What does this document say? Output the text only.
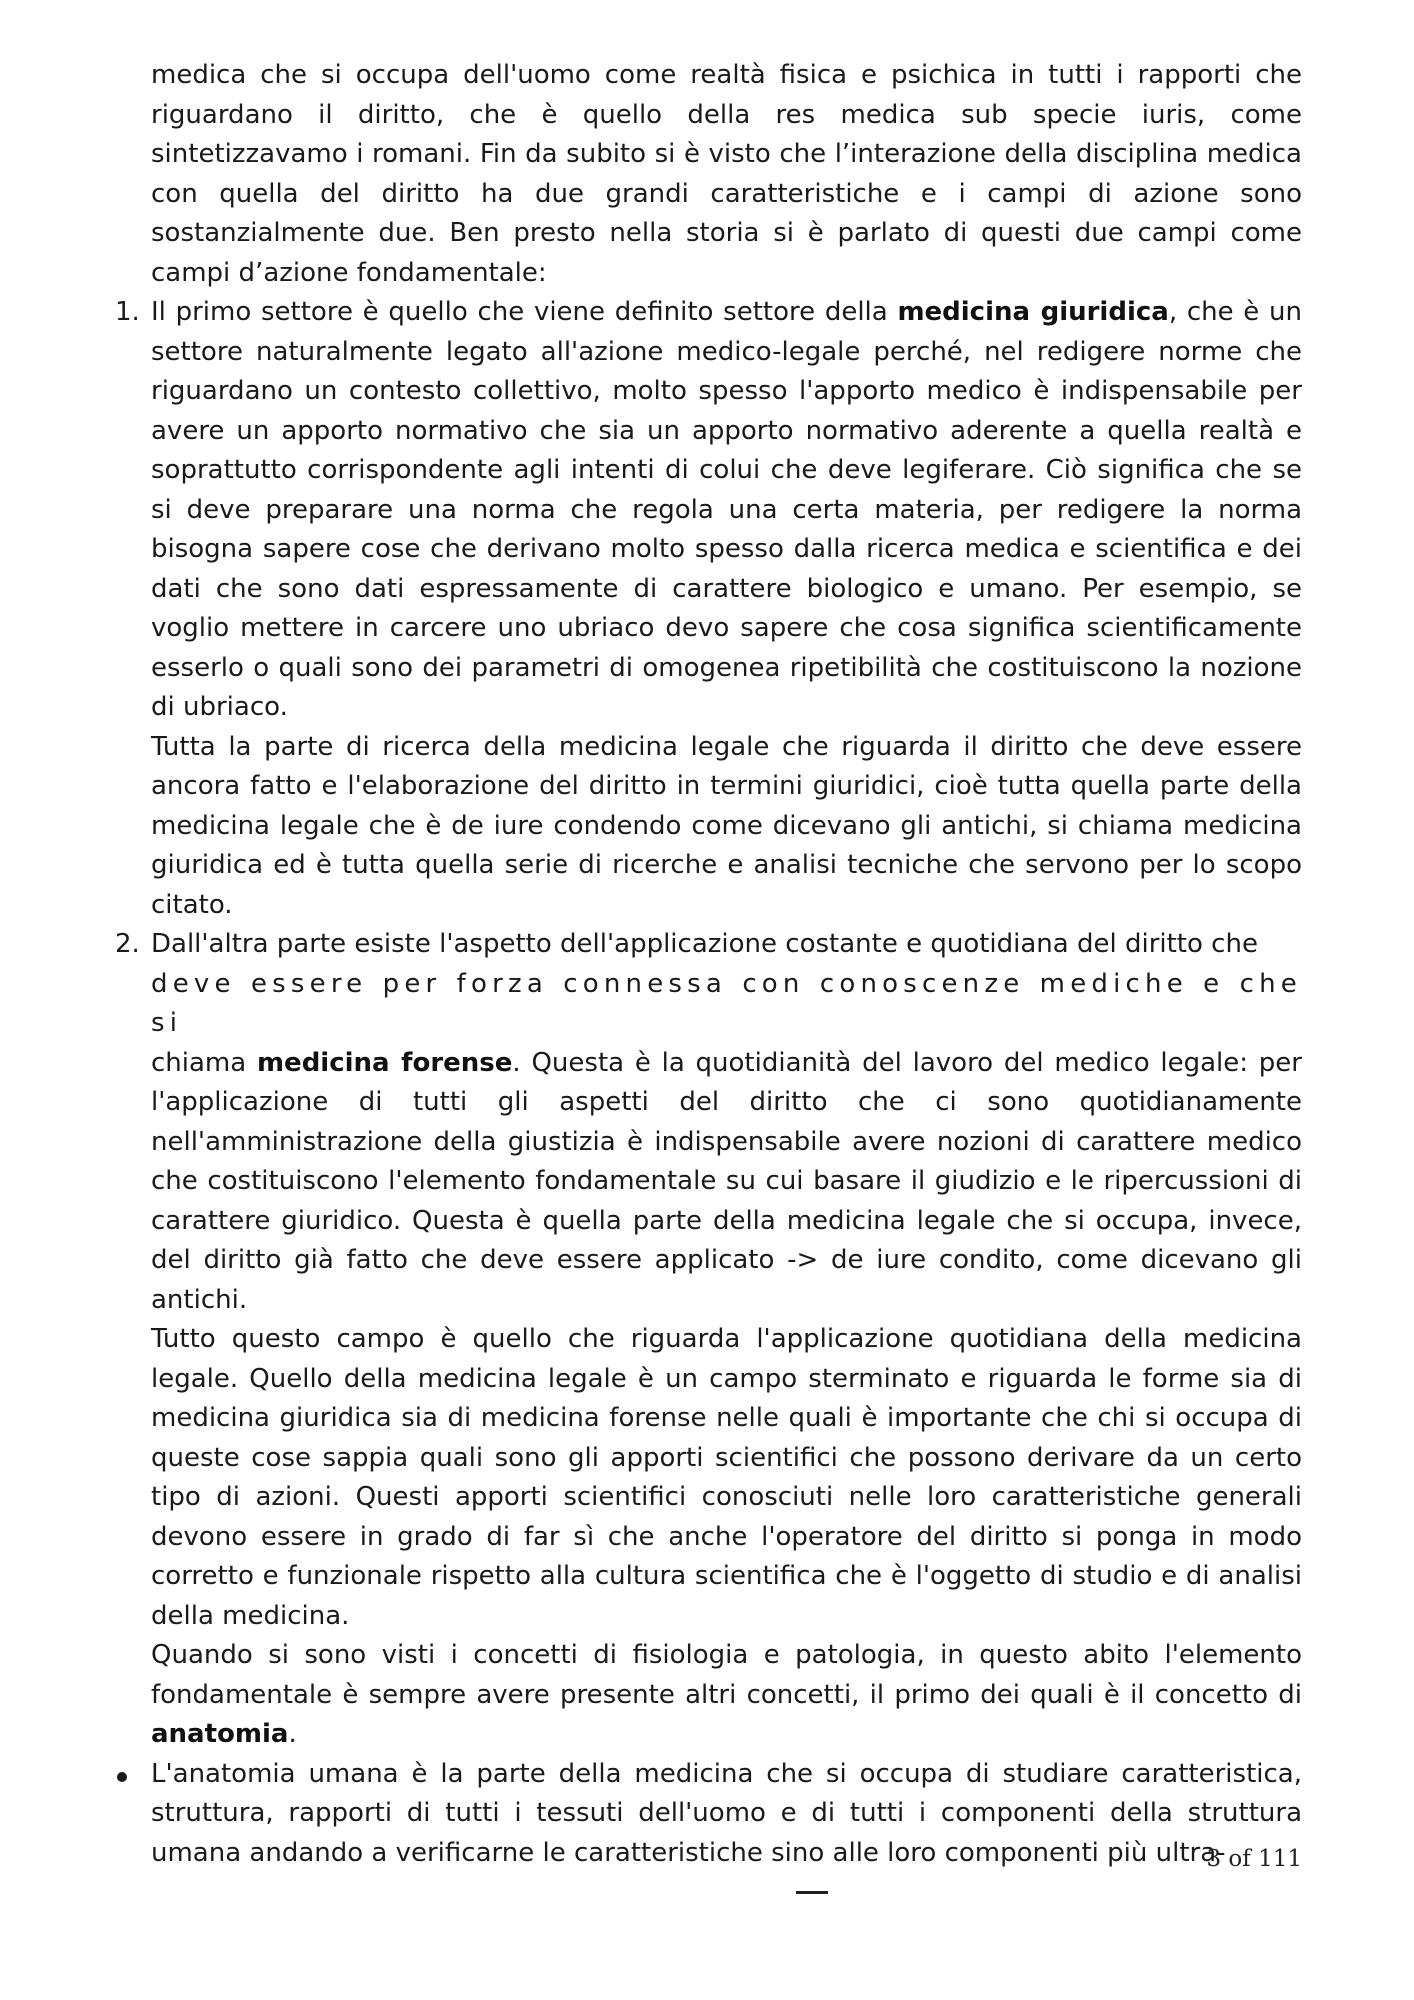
medica che si occupa dell'uomo come realtà fisica e psichica in tutti i rapporti che riguardano il diritto, che è quello della res medica sub specie iuris, come sintetizzavamo i romani. Fin da subito si è visto che l’interazione della disciplina medica con quella del diritto ha due grandi caratteristiche e i campi di azione sono sostanzialmente due. Ben presto nella storia si è parlato di questi due campi come campi d’azione fondamentale:

1. Il primo settore è quello che viene definito settore della medicina giuridica, che è un settore naturalmente legato all'azione medico-legale perché, nel redigere norme che riguardano un contesto collettivo, molto spesso l'apporto medico è indispensabile per avere un apporto normativo che sia un apporto normativo aderente a quella realtà e soprattutto corrispondente agli intenti di colui che deve legiferare. Ciò significa che se si deve preparare una norma che regola una certa materia, per redigere la norma bisogna sapere cose che derivano molto spesso dalla ricerca medica e scientifica e dei dati che sono dati espressamente di carattere biologico e umano. Per esempio, se voglio mettere in carcere uno ubriaco devo sapere che cosa significa scientificamente esserlo o quali sono dei parametri di omogenea ripetibilità che costituiscono la nozione di ubriaco.

Tutta la parte di ricerca della medicina legale che riguarda il diritto che deve essere ancora fatto e l'elaborazione del diritto in termini giuridici, cioè tutta quella parte della medicina legale che è de iure condendo come dicevano gli antichi, si chiama medicina giuridica ed è tutta quella serie di ricerche e analisi tecniche che servono per lo scopo citato.

2. Dall'altra parte esiste l'aspetto dell'applicazione costante e quotidiana del diritto che

deve essere per forza connessa con conoscenze mediche e che si

chiama medicina forense. Questa è la quotidianità del lavoro del medico legale: per l'applicazione di tutti gli aspetti del diritto che ci sono quotidianamente nell'amministrazione della giustizia è indispensabile avere nozioni di carattere medico che costituiscono l'elemento fondamentale su cui basare il giudizio e le ripercussioni di carattere giuridico. Questa è quella parte della medicina legale che si occupa, invece, del diritto già fatto che deve essere applicato -> de iure condito, come dicevano gli antichi.

Tutto questo campo è quello che riguarda l'applicazione quotidiana della medicina legale. Quello della medicina legale è un campo sterminato e riguarda le forme sia di medicina giuridica sia di medicina forense nelle quali è importante che chi si occupa di queste cose sappia quali sono gli apporti scientifici che possono derivare da un certo tipo di azioni. Questi apporti scientifici conosciuti nelle loro caratteristiche generali devono essere in grado di far sì che anche l'operatore del diritto si ponga in modo corretto e funzionale rispetto alla cultura scientifica che è l'oggetto di studio e di analisi della medicina.

Quando si sono visti i concetti di fisiologia e patologia, in questo abito l'elemento fondamentale è sempre avere presente altri concetti, il primo dei quali è il concetto di anatomia.

L'anatomia umana è la parte della medicina che si occupa di studiare caratteristica, struttura, rapporti di tutti i tessuti dell'uomo e di tutti i componenti della struttura umana andando a verificarne le caratteristiche sino alle loro componenti più ultra-

3 of 111
